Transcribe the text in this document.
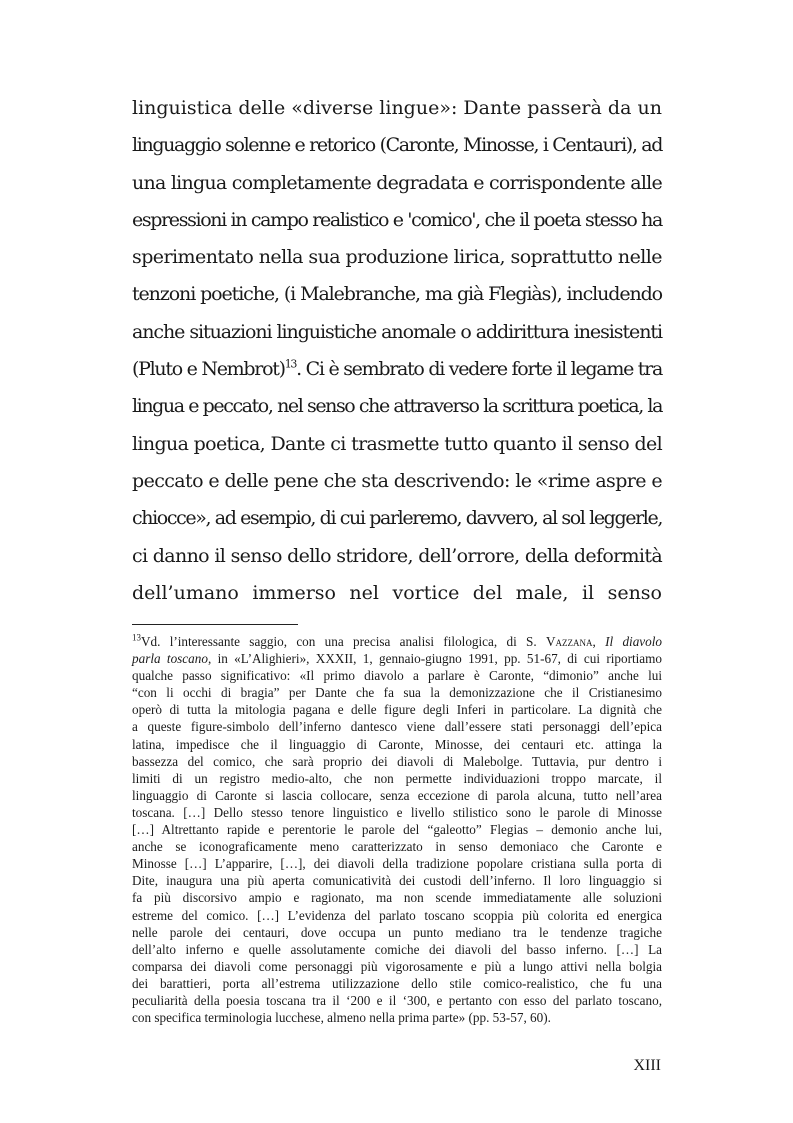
linguistica delle «diverse lingue»: Dante passerà da un
linguaggio solenne e retorico (Caronte, Minosse, i Centauri), ad
una lingua completamente degradata e corrispondente alle
espressioni in campo realistico e 'comico', che il poeta stesso ha
sperimentato nella sua produzione lirica, soprattutto nelle
tenzoni poetiche, (i Malebranche, ma già Flegiàs), includendo
anche situazioni linguistiche anomale o addirittura inesistenti
(Pluto e Nembrot)$^{13}$. Ci è sembrato di vedere forte il legame tra
lingua e peccato, nel senso che attraverso la scrittura poetica, la
lingua poetica, Dante ci trasmette tutto quanto il senso del
peccato e delle pene che sta descrivendo: le «rime aspre e
chiocce», ad esempio, di cui parleremo, davvero, al sol leggerle,
ci danno il senso dello stridore, dell’orrore, della deformità
dell’umano immerso nel vortice del male, il senso
$^{13}$Vd. l’interessante saggio, con una precisa analisi filologica, di S. Vazzana, Il diavolo
parla toscano, in «L’Alighieri», XXXII, 1, gennaio-giugno 1991, pp. 51-67, di cui riportiamo
qualche passo significativo: «Il primo diavolo a parlare è Caronte, “dimonio” anche lui
“con li occhi di bragia” per Dante che fa sua la demonizzazione che il Cristianesimo
operò di tutta la mitologia pagana e delle figure degli Inferi in particolare. La dignità che
a queste figure-simbolo dell’inferno dantesco viene dall’essere stati personaggi dell’epica
latina, impedisce che il linguaggio di Caronte, Minosse, dei centauri etc. attinga la
bassezza del comico, che sarà proprio dei diavoli di Malebolge. Tuttavia, pur dentro i
limiti di un registro medio-alto, che non permette individuazioni troppo marcate, il
linguaggio di Caronte si lascia collocare, senza eccezione di parola alcuna, tutto nell’area
toscana. […] Dello stesso tenore linguistico e livello stilistico sono le parole di Minosse
[…] Altrettanto rapide e perentorie le parole del “galeotto” Flegias – demonio anche lui,
anche se iconograficamente meno caratterizzato in senso demoniaco che Caronte e
Minosse […] L’apparire, […], dei diavoli della tradizione popolare cristiana sulla porta di
Dite, inaugura una più aperta comunicatività dei custodi dell’inferno. Il loro linguaggio si
fa più discorsivo ampio e ragionato, ma non scende immediatamente alle soluzioni
estreme del comico. […] L’evidenza del parlato toscano scoppia più colorita ed energica
nelle parole dei centauri, dove occupa un punto mediano tra le tendenze tragiche
dell’alto inferno e quelle assolutamente comiche dei diavoli del basso inferno. […] La
comparsa dei diavoli come personaggi più vigorosamente e più a lungo attivi nella bolgia
dei barattieri, porta all’estrema utilizzazione dello stile comico-realistico, che fu una
peculiarità della poesia toscana tra il ‘200 e il ‘300, e pertanto con esso del parlato toscano,
con specifica terminologia lucchese, almeno nella prima parte» (pp. 53-57, 60).
XIII
